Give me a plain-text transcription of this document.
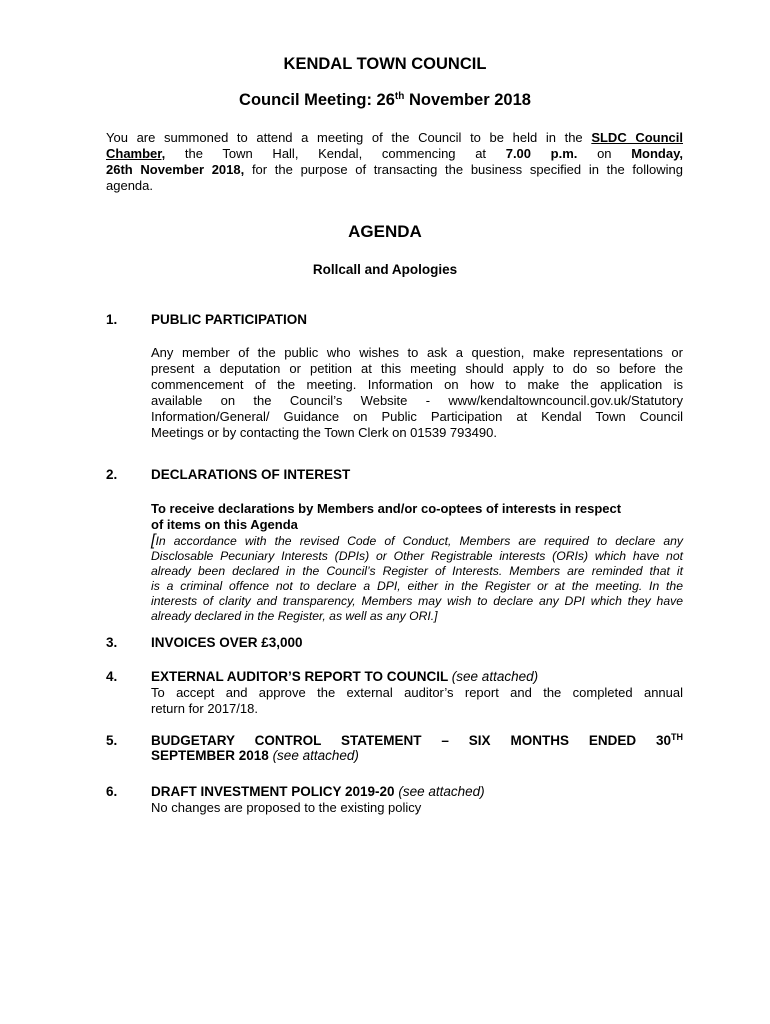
KENDAL TOWN COUNCIL
Council Meeting: 26th November 2018
You are summoned to attend a meeting of the Council to be held in the SLDC Council
Chamber, the Town Hall, Kendal, commencing at 7.00 p.m. on Monday,
26th November 2018, for the purpose of transacting the business specified in the following
agenda.
AGENDA
Rollcall and Apologies
1. PUBLIC PARTICIPATION
Any member of the public who wishes to ask a question, make representations or
present a deputation or petition at this meeting should apply to do so before the
commencement of the meeting. Information on how to make the application is
available on the Council’s Website - www/kendaltowncouncil.gov.uk/Statutory
Information/General/ Guidance on Public Participation at Kendal Town Council
Meetings or by contacting the Town Clerk on 01539 793490.
2. DECLARATIONS OF INTEREST
To receive declarations by Members and/or co-optees of interests in respect
of items on this Agenda
[In accordance with the revised Code of Conduct, Members are required to declare any
Disclosable Pecuniary Interests (DPIs) or Other Registrable interests (ORIs) which have not
already been declared in the Council’s Register of Interests. Members are reminded that it
is a criminal offence not to declare a DPI, either in the Register or at the meeting. In the
interests of clarity and transparency, Members may wish to declare any DPI which they have
already declared in the Register, as well as any ORI.]
3. INVOICES OVER £3,000
4. EXTERNAL AUDITOR’S REPORT TO COUNCIL (see attached)
To accept and approve the external auditor’s report and the completed annual
return for 2017/18.
5. BUDGETARY CONTROL STATEMENT – SIX MONTHS ENDED 30TH
SEPTEMBER 2018 (see attached)
6. DRAFT INVESTMENT POLICY 2019-20 (see attached)
No changes are proposed to the existing policy
